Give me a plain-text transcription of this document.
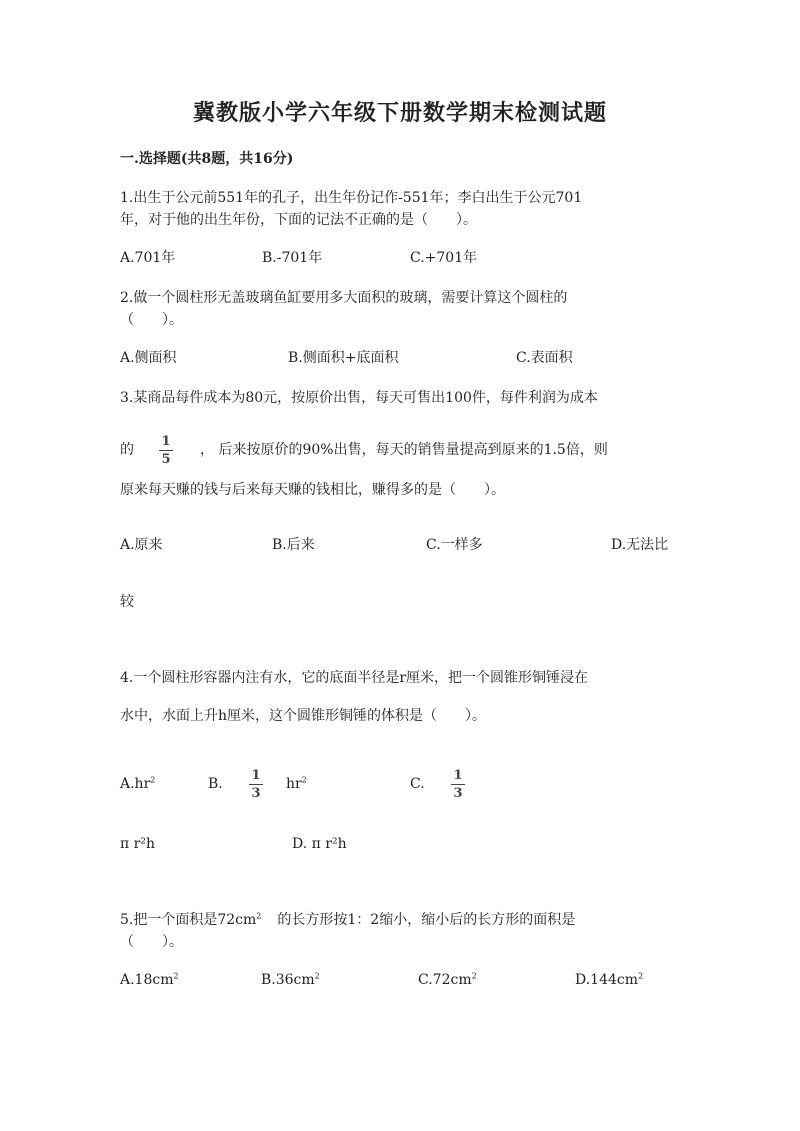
冀教版小学六年级下册数学期末检测试题
一.选择题(共8题，共16分)
1.出生于公元前551年的孔子，出生年份记作-551年；李白出生于公元701
年，对于他的出生年份，下面的记法不正确的是（　　）。
A.701年	B.-701年	C.+701年
2.做一个圆柱形无盖玻璃鱼缸要用多大面积的玻璃，需要计算这个圆柱的
（　　）。
A.侧面积	B.侧面积+底面积	C.表面积
3.某商品每件成本为80元，按原价出售，每天可售出100件，每件利润为成本
的
1
5
， 后来按原价的90%出售，每天的销售量提高到原来的1.5倍，则
原来每天赚的钱与后来每天赚的钱相比，赚得多的是（　　）。
A.原来	B.后来	C.一样多	D.无法比
较
4.一个圆柱形容器内注有水，它的底面半径是r厘米，把一个圆锥形铜锤浸在
水中，水面上升h厘米，这个圆锥形铜锤的体积是（　　）。
$A.hr^2$	B.
1
3
$hr^2$	C.
1
3
π r²h	D. π r²h
5.把一个面积是$72cm^2$ 的长方形按1：2缩小，缩小后的长方形的面积是
（　　）。
$A.18cm^2$	$B.36cm^2$	$C.72cm^2$	$D.144cm^2$
